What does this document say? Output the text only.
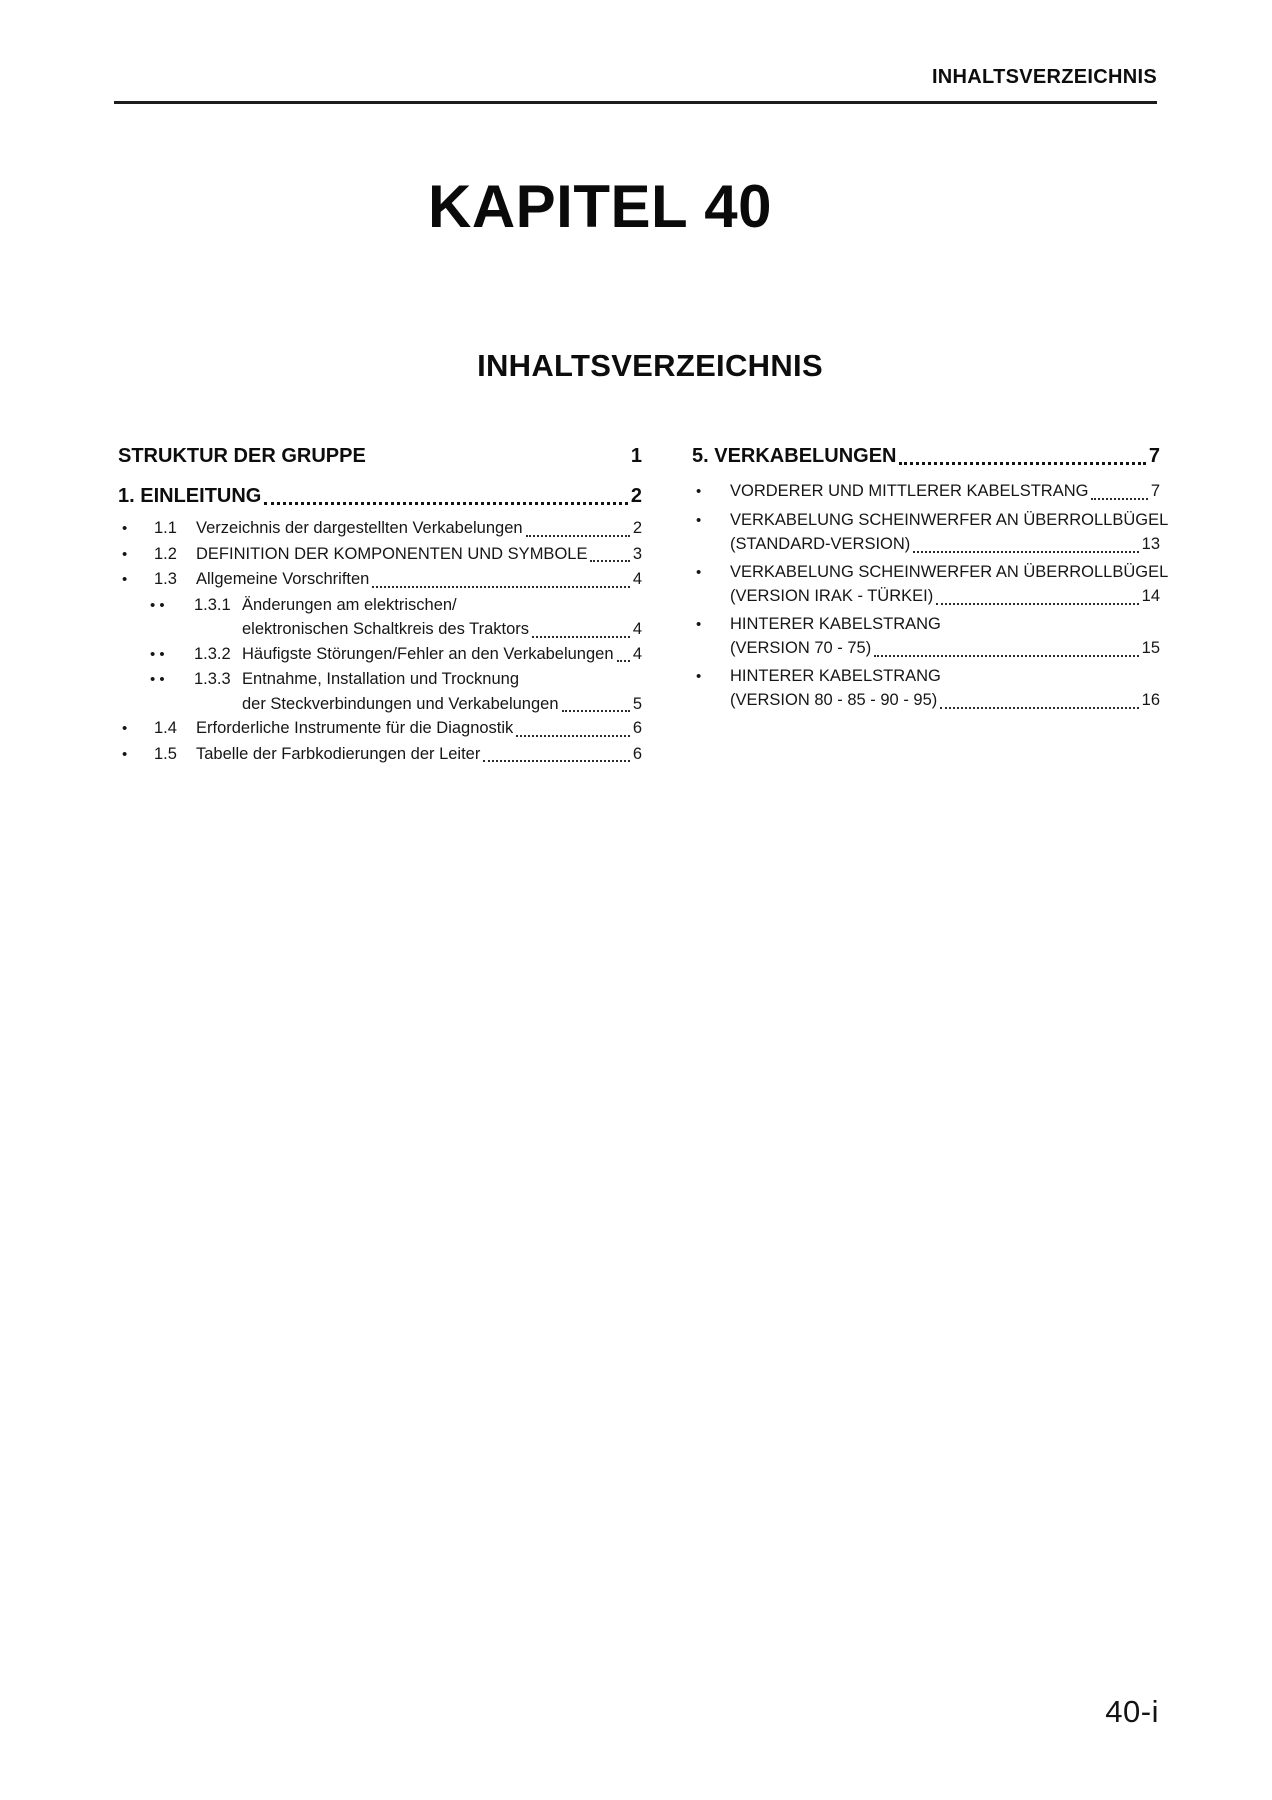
INHALTSVERZEICHNIS
KAPITEL 40
INHALTSVERZEICHNIS
STRUKTUR DER GRUPPE	1
1. EINLEITUNG	2
•	1.1	Verzeichnis der dargestellten Verkabelungen	2
•	1.2	DEFINITION DER KOMPONENTEN UND SYMBOLE	3
•	1.3	Allgemeine Vorschriften	4
• •	1.3.1 Änderungen am elektrischen/
elektronischen Schaltkreis des Traktors	4
• •	1.3.2 Häufigste Störungen/Fehler an den Verkabelungen 4
• •	1.3.3 Entnahme, Installation und Trocknung
der Steckverbindungen und Verkabelungen	5
•	1.4	Erforderliche Instrumente für die Diagnostik	6
•	1.5	Tabelle der Farbkodierungen der Leiter	6
5. VERKABELUNGEN	7
•	VORDERER UND MITTLERER KABELSTRANG	7
•	VERKABELUNG SCHEINWERFER AN ÜBERROLLBÜGEL
(STANDARD-VERSION)	13
•	VERKABELUNG SCHEINWERFER AN ÜBERROLLBÜGEL
(VERSION IRAK - TÜRKEI)	14
•	HINTERER KABELSTRANG
(VERSION 70 - 75)	15
•	HINTERER KABELSTRANG
(VERSION 80 - 85 - 90 - 95)	16
40-i
